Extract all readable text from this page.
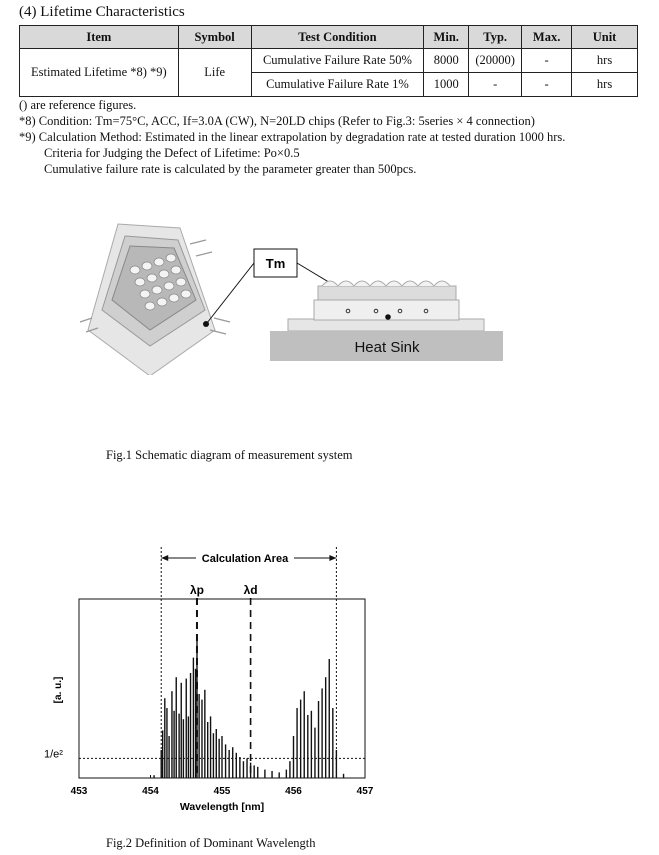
(4) Lifetime Characteristics
Item	Symbol	Test Condition	Min.	Typ.	Max.	Unit
Estimated Lifetime *8) *9)	Life	Cumulative Failure Rate 50%	8000	(20000)	-	hrs
		Cumulative Failure Rate 1%	1000	-	-	hrs
() are reference figures.
*8) Condition: Tm=75°C, ACC, If=3.0A (CW), N=20LD chips (Refer to Fig.3: 5series × 4 connection)
*9) Calculation Method: Estimated in the linear extrapolation by degradation rate at tested duration 1000 hrs.
Criteria for Judging the Defect of Lifetime: Po×0.5
Cumulative failure rate is calculated by the parameter greater than 500pcs.
Tm
Heat Sink
Fig.1 Schematic diagram of measurement system
Calculation Area
λp	λd
1/e²
453	454	455	456	457
[a. u.]
Wavelength [nm]
Fig.2 Definition of Dominant Wavelength
